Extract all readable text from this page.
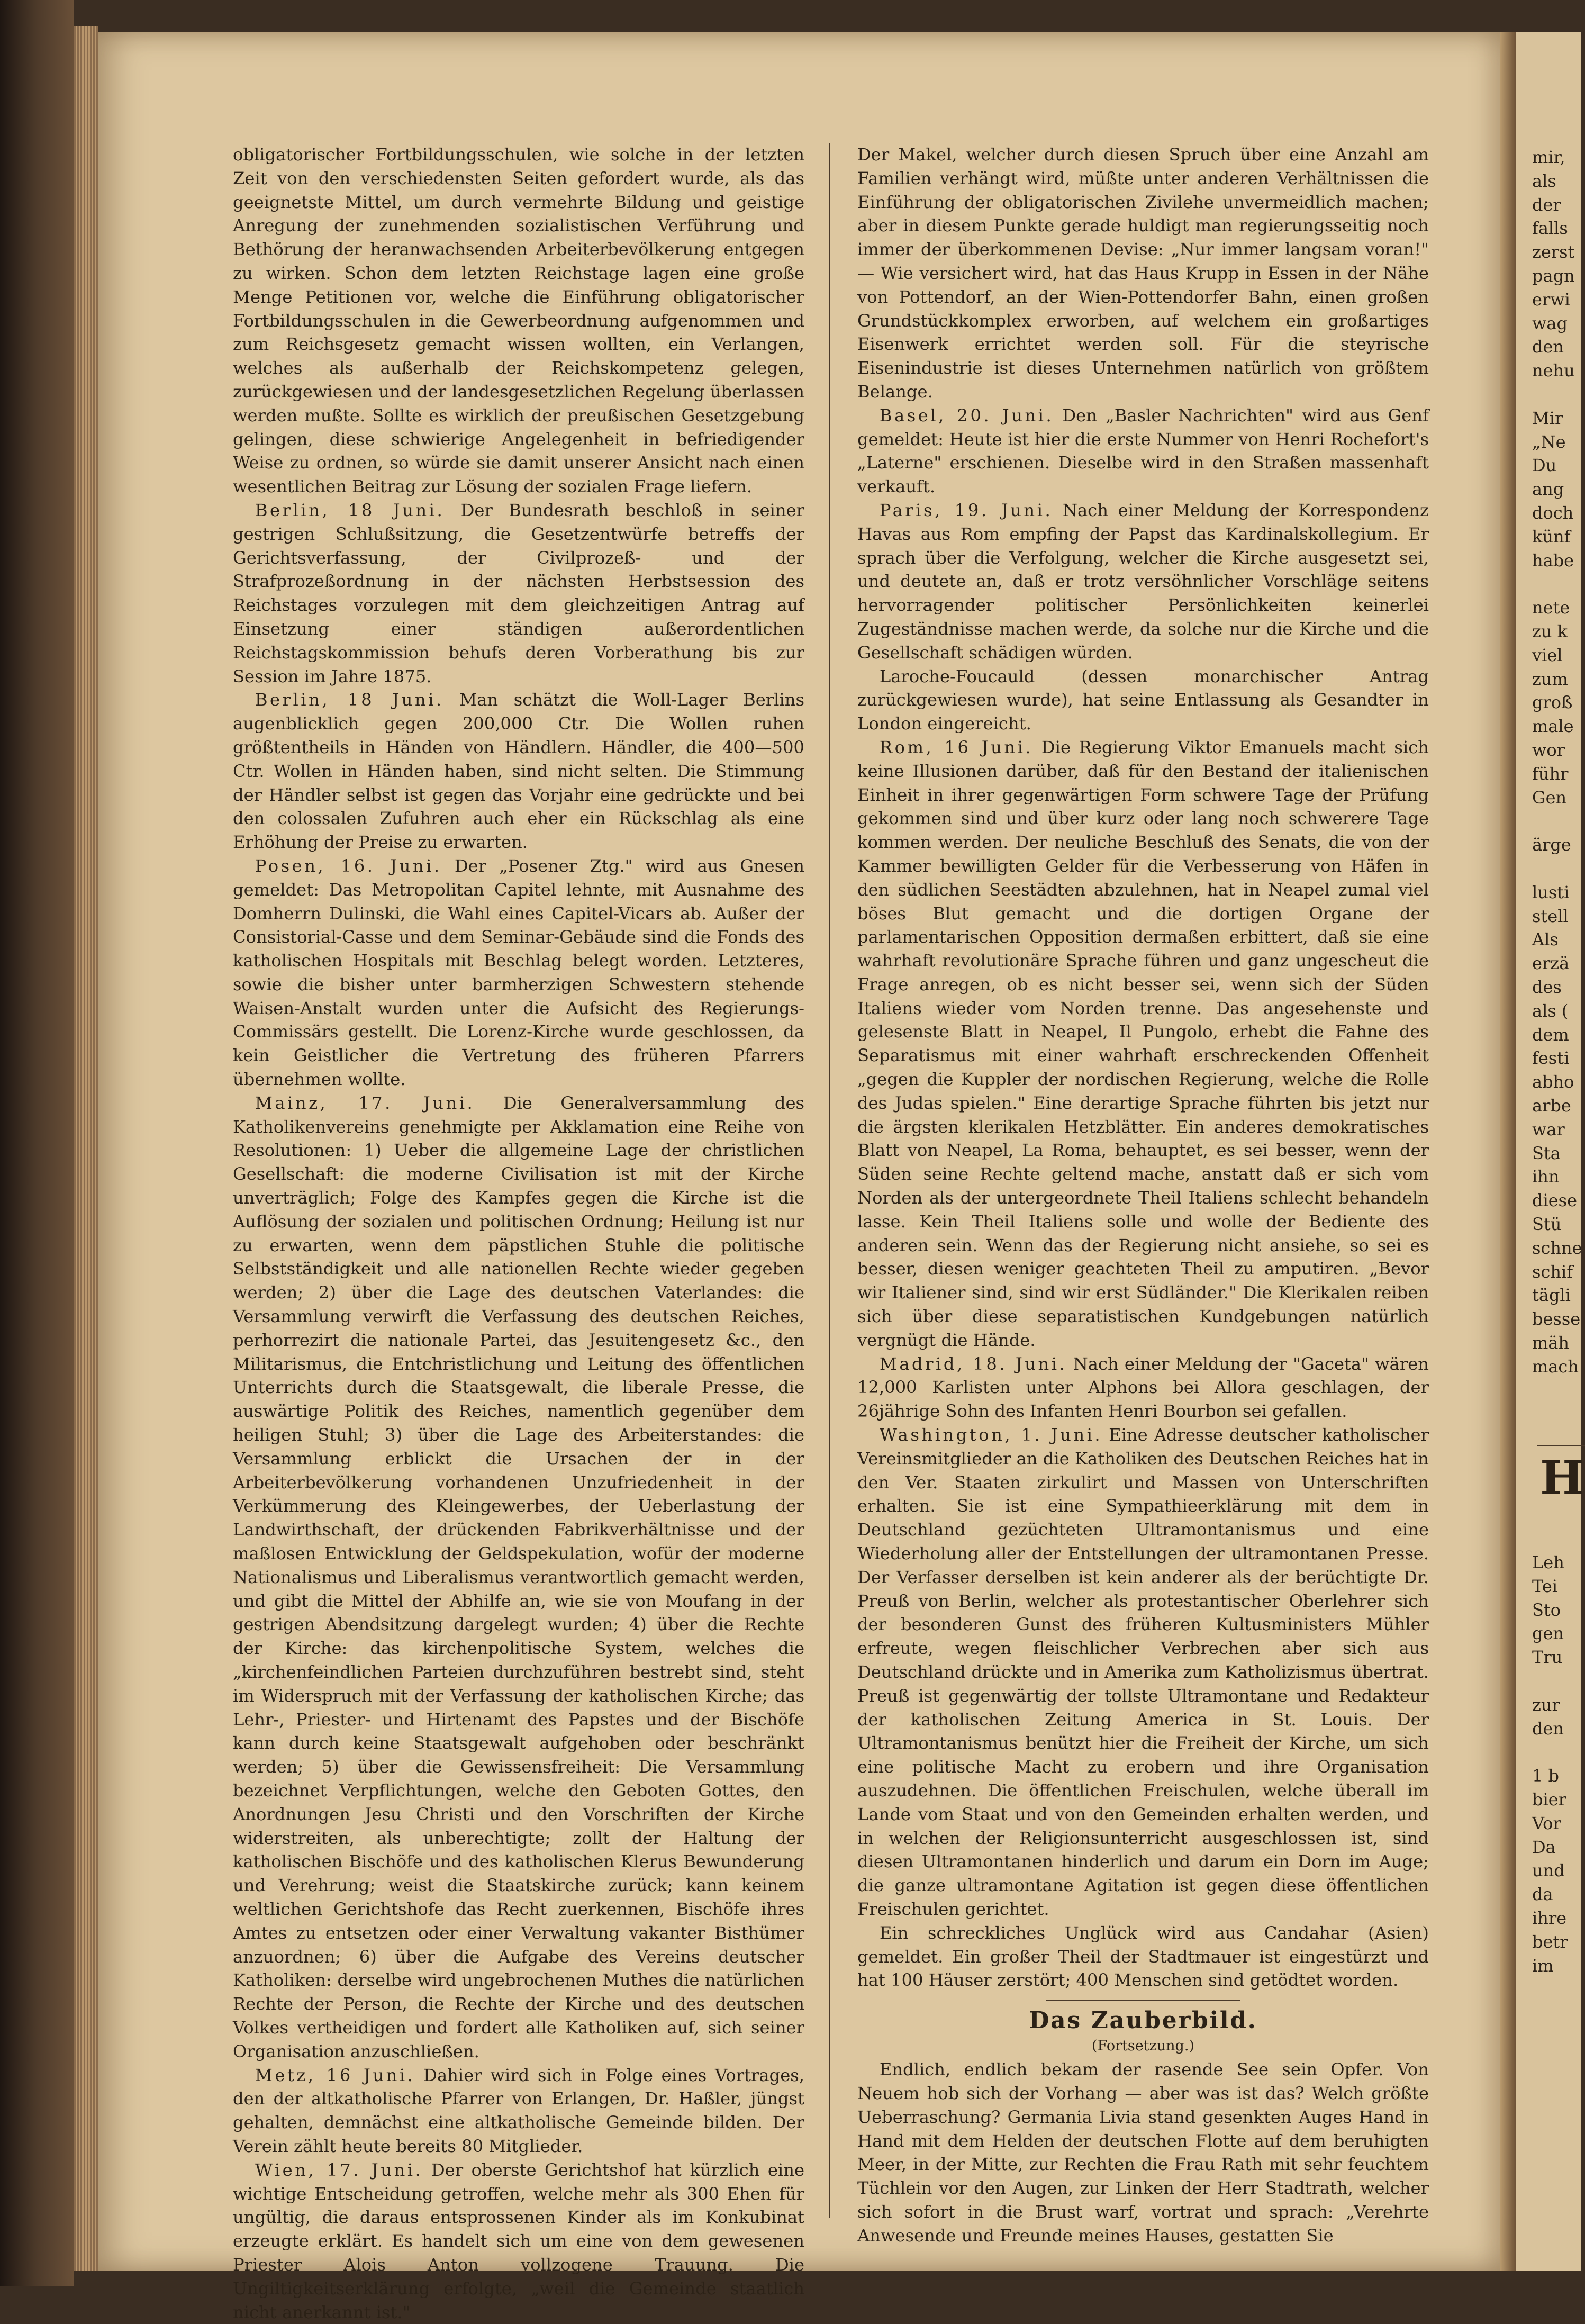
obligatorischer Fortbildungsschulen, wie solche in der letzten Zeit von den verschiedensten Seiten gefordert wurde, als das geeignetste Mittel, um durch vermehrte Bildung und geistige Anregung der zunehmenden sozialistischen Verführung und Bethörung der heranwachsenden Arbeiterbevölkerung entgegen zu wirken. Schon dem letzten Reichstage lagen eine große Menge Petitionen vor, welche die Einführung obligatorischer Fortbildungsschulen in die Gewerbeordnung aufgenommen und zum Reichsgesetz gemacht wissen wollten, ein Verlangen, welches als außerhalb der Reichskompetenz gelegen, zurückgewiesen und der landesgesetzlichen Regelung überlassen werden mußte. Sollte es wirklich der preußischen Gesetzgebung gelingen, diese schwierige Angelegenheit in befriedigender Weise zu ordnen, so würde sie damit unserer Ansicht nach einen wesentlichen Beitrag zur Lösung der sozialen Frage liefern.

Berlin, 18 Juni. Der Bundesrath beschloß in seiner gestrigen Schlußsitzung, die Gesetzentwürfe betreffs der Gerichtsverfassung, der Civilprozeß- und der Strafprozeßordnung in der nächsten Herbstsession des Reichstages vorzulegen mit dem gleichzeitigen Antrag auf Einsetzung einer ständigen außerordentlichen Reichstagskommission behufs deren Vorberathung bis zur Session im Jahre 1875.

Berlin, 18 Juni. Man schätzt die Woll-Lager Berlins augenblicklich gegen 200,000 Ctr. Die Wollen ruhen größtentheils in Händen von Händlern. Händler, die 400—500 Ctr. Wollen in Händen haben, sind nicht selten. Die Stimmung der Händler selbst ist gegen das Vorjahr eine gedrückte und bei den colossalen Zufuhren auch eher ein Rückschlag als eine Erhöhung der Preise zu erwarten.

Posen, 16. Juni. Der „Posener Ztg." wird aus Gnesen gemeldet: Das Metropolitan Capitel lehnte, mit Ausnahme des Domherrn Dulinski, die Wahl eines Capitel-Vicars ab. Außer der Consistorial-Casse und dem Seminar-Gebäude sind die Fonds des katholischen Hospitals mit Beschlag belegt worden. Letzteres, sowie die bisher unter barmherzigen Schwestern stehende Waisen-Anstalt wurden unter die Aufsicht des Regierungs-Commissärs gestellt. Die Lorenz-Kirche wurde geschlossen, da kein Geistlicher die Vertretung des früheren Pfarrers übernehmen wollte.

Mainz, 17. Juni. Die Generalversammlung des Katholikenvereins genehmigte per Akklamation eine Reihe von Resolutionen: 1) Ueber die allgemeine Lage der christlichen Gesellschaft: die moderne Civilisation ist mit der Kirche unverträglich; Folge des Kampfes gegen die Kirche ist die Auflösung der sozialen und politischen Ordnung; Heilung ist nur zu erwarten, wenn dem päpstlichen Stuhle die politische Selbstständigkeit und alle nationellen Rechte wieder gegeben werden; 2) über die Lage des deutschen Vaterlandes: die Versammlung verwirft die Verfassung des deutschen Reiches, perhorrezirt die nationale Partei, das Jesuitengesetz &c., den Militarismus, die Entchristlichung und Leitung des öffentlichen Unterrichts durch die Staatsgewalt, die liberale Presse, die auswärtige Politik des Reiches, namentlich gegenüber dem heiligen Stuhl; 3) über die Lage des Arbeiterstandes: die Versammlung erblickt die Ursachen der in der Arbeiterbevölkerung vorhandenen Unzufriedenheit in der Verkümmerung des Kleingewerbes, der Ueberlastung der Landwirthschaft, der drückenden Fabrikverhältnisse und der maßlosen Entwicklung der Geldspekulation, wofür der moderne Nationalismus und Liberalismus verantwortlich gemacht werden, und gibt die Mittel der Abhilfe an, wie sie von Moufang in der gestrigen Abendsitzung dargelegt wurden; 4) über die Rechte der Kirche: das kirchenpolitische System, welches die „kirchenfeindlichen Parteien durchzuführen bestrebt sind, steht im Widerspruch mit der Verfassung der katholischen Kirche; das Lehr-, Priester- und Hirtenamt des Papstes und der Bischöfe kann durch keine Staatsgewalt aufgehoben oder beschränkt werden; 5) über die Gewissensfreiheit: Die Versammlung bezeichnet Verpflichtungen, welche den Geboten Gottes, den Anordnungen Jesu Christi und den Vorschriften der Kirche widerstreiten, als unberechtigte; zollt der Haltung der katholischen Bischöfe und des katholischen Klerus Bewunderung und Verehrung; weist die Staatskirche zurück; kann keinem weltlichen Gerichtshofe das Recht zuerkennen, Bischöfe ihres Amtes zu entsetzen oder einer Verwaltung vakanter Bisthümer anzuordnen; 6) über die Aufgabe des Vereins deutscher Katholiken: derselbe wird ungebrochenen Muthes die natürlichen Rechte der Person, die Rechte der Kirche und des deutschen Volkes vertheidigen und fordert alle Katholiken auf, sich seiner Organisation anzuschließen.

Metz, 16 Juni. Dahier wird sich in Folge eines Vortrages, den der altkatholische Pfarrer von Erlangen, Dr. Haßler, jüngst gehalten, demnächst eine altkatholische Gemeinde bilden. Der Verein zählt heute bereits 80 Mitglieder.

Wien, 17. Juni. Der oberste Gerichtshof hat kürzlich eine wichtige Entscheidung getroffen, welche mehr als 300 Ehen für ungültig, die daraus entsprossenen Kinder als im Konkubinat erzeugte erklärt. Es handelt sich um eine von dem gewesenen Priester Alois Anton vollzogene Trauung. Die Ungiltigkeitserklärung erfolgte, „weil die Gemeinde staatlich nicht anerkannt ist."

Der Makel, welcher durch diesen Spruch über eine Anzahl am Familien verhängt wird, müßte unter anderen Verhältnissen die Einführung der obligatorischen Zivilehe unvermeidlich machen; aber in diesem Punkte gerade huldigt man regierungsseitig noch immer der überkommenen Devise: „Nur immer langsam voran!" — Wie versichert wird, hat das Haus Krupp in Essen in der Nähe von Pottendorf, an der Wien-Pottendorfer Bahn, einen großen Grundstückkomplex erworben, auf welchem ein großartiges Eisenwerk errichtet werden soll. Für die steyrische Eisenindustrie ist dieses Unternehmen natürlich von größtem Belange.

Basel, 20. Juni. Den „Basler Nachrichten" wird aus Genf gemeldet: Heute ist hier die erste Nummer von Henri Rochefort's „Laterne" erschienen. Dieselbe wird in den Straßen massenhaft verkauft.

Paris, 19. Juni. Nach einer Meldung der Korrespondenz Havas aus Rom empfing der Papst das Kardinalskollegium. Er sprach über die Verfolgung, welcher die Kirche ausgesetzt sei, und deutete an, daß er trotz versöhnlicher Vorschläge seitens hervorragender politischer Persönlichkeiten keinerlei Zugeständnisse machen werde, da solche nur die Kirche und die Gesellschaft schädigen würden.

Laroche-Foucauld (dessen monarchischer Antrag zurückgewiesen wurde), hat seine Entlassung als Gesandter in London eingereicht.

Rom, 16 Juni. Die Regierung Viktor Emanuels macht sich keine Illusionen darüber, daß für den Bestand der italienischen Einheit in ihrer gegenwärtigen Form schwere Tage der Prüfung gekommen sind und über kurz oder lang noch schwerere Tage kommen werden. Der neuliche Beschluß des Senats, die von der Kammer bewilligten Gelder für die Verbesserung von Häfen in den südlichen Seestädten abzulehnen, hat in Neapel zumal viel böses Blut gemacht und die dortigen Organe der parlamentarischen Opposition dermaßen erbittert, daß sie eine wahrhaft revolutionäre Sprache führen und ganz ungescheut die Frage anregen, ob es nicht besser sei, wenn sich der Süden Italiens wieder vom Norden trenne. Das angesehenste und gelesenste Blatt in Neapel, Il Pungolo, erhebt die Fahne des Separatismus mit einer wahrhaft erschreckenden Offenheit „gegen die Kuppler der nordischen Regierung, welche die Rolle des Judas spielen." Eine derartige Sprache führten bis jetzt nur die ärgsten klerikalen Hetzblätter. Ein anderes demokratisches Blatt von Neapel, La Roma, behauptet, es sei besser, wenn der Süden seine Rechte geltend mache, anstatt daß er sich vom Norden als der untergeordnete Theil Italiens schlecht behandeln lasse. Kein Theil Italiens solle und wolle der Bediente des anderen sein. Wenn das der Regierung nicht ansiehe, so sei es besser, diesen weniger geachteten Theil zu amputiren. „Bevor wir Italiener sind, sind wir erst Südländer." Die Klerikalen reiben sich über diese separatistischen Kundgebungen natürlich vergnügt die Hände.

Madrid, 18. Juni. Nach einer Meldung der "Gaceta" wären 12,000 Karlisten unter Alphons bei Allora geschlagen, der 26jährige Sohn des Infanten Henri Bourbon sei gefallen.

Washington, 1. Juni. Eine Adresse deutscher katholischer Vereinsmitglieder an die Katholiken des Deutschen Reiches hat in den Ver. Staaten zirkulirt und Massen von Unterschriften erhalten. Sie ist eine Sympathieerklärung mit dem in Deutschland gezüchteten Ultramontanismus und eine Wiederholung aller der Entstellungen der ultramontanen Presse. Der Verfasser derselben ist kein anderer als der berüchtigte Dr. Preuß von Berlin, welcher als protestantischer Oberlehrer sich der besonderen Gunst des früheren Kultusministers Mühler erfreute, wegen fleischlicher Verbrechen aber sich aus Deutschland drückte und in Amerika zum Katholizismus übertrat. Preuß ist gegenwärtig der tollste Ultramontane und Redakteur der katholischen Zeitung America in St. Louis. Der Ultramontanismus benützt hier die Freiheit der Kirche, um sich eine politische Macht zu erobern und ihre Organisation auszudehnen. Die öffentlichen Freischulen, welche überall im Lande vom Staat und von den Gemeinden erhalten werden, und in welchen der Religionsunterricht ausgeschlossen ist, sind diesen Ultramontanen hinderlich und darum ein Dorn im Auge; die ganze ultramontane Agitation ist gegen diese öffentlichen Freischulen gerichtet.

Ein schreckliches Unglück wird aus Candahar (Asien) gemeldet. Ein großer Theil der Stadtmauer ist eingestürzt und hat 100 Häuser zerstört; 400 Menschen sind getödtet worden.

Das Zauberbild.
(Fortsetzung.)

Endlich, endlich bekam der rasende See sein Opfer. Von Neuem hob sich der Vorhang — aber was ist das? Welch größte Ueberraschung? Germania Livia stand gesenkten Auges Hand in Hand mit dem Helden der deutschen Flotte auf dem beruhigten Meer, in der Mitte, zur Rechten die Frau Rath mit sehr feuchtem Tüchlein vor den Augen, zur Linken der Herr Stadtrath, welcher sich sofort in die Brust warf, vortrat und sprach: „Verehrte Anwesende und Freunde meines Hauses, gestatten Sie

mir,
als
der
falls
zerst
pagn
erwi
wag
den
nehu
Mir
„Ne
Du
ang
doch
künf
habe
nete
zu k
viel
zum
groß
male
wor
führ
Gen
ärge
lusti
stell
Als
erzä
des
als (
dem
festi
abho
arbe
war
Sta
ihn
diese
Stü
schne
schif
tägli
besse
mäh
mach
H
Leh
Tei
Sto
gen
Tru
zur
den
1 b
bier
Vor
Da
und
da
ihre
betr
im
